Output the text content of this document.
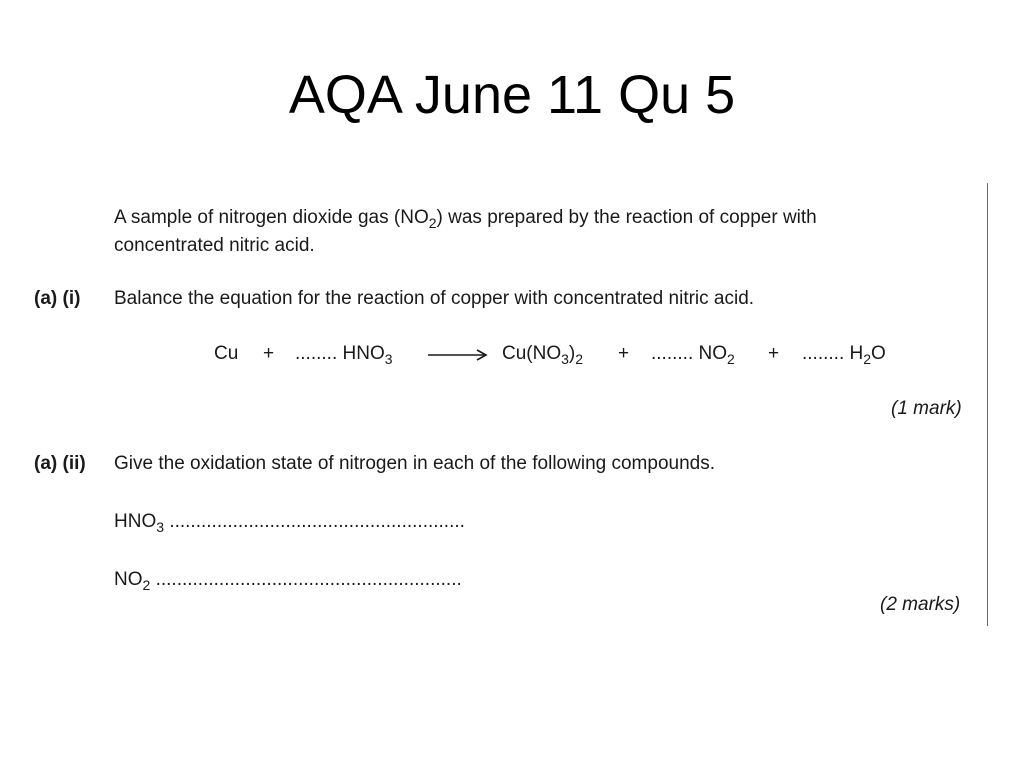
AQA June 11 Qu 5
A sample of nitrogen dioxide gas $(NO_2)$ was prepared by the reaction of copper with
concentrated nitric acid.
(a) (i) Balance the equation for the reaction of copper with concentrated nitric acid.
Cu + ........ $HNO_3 \to Cu(NO_3)_2$ + ........ $NO_2$ + ........ $H_2O$
(1 mark)
(a) (ii) Give the oxidation state of nitrogen in each of the following compounds.
$HNO_3$ ........................................................
$NO_2$ ..........................................................
(2 marks)
